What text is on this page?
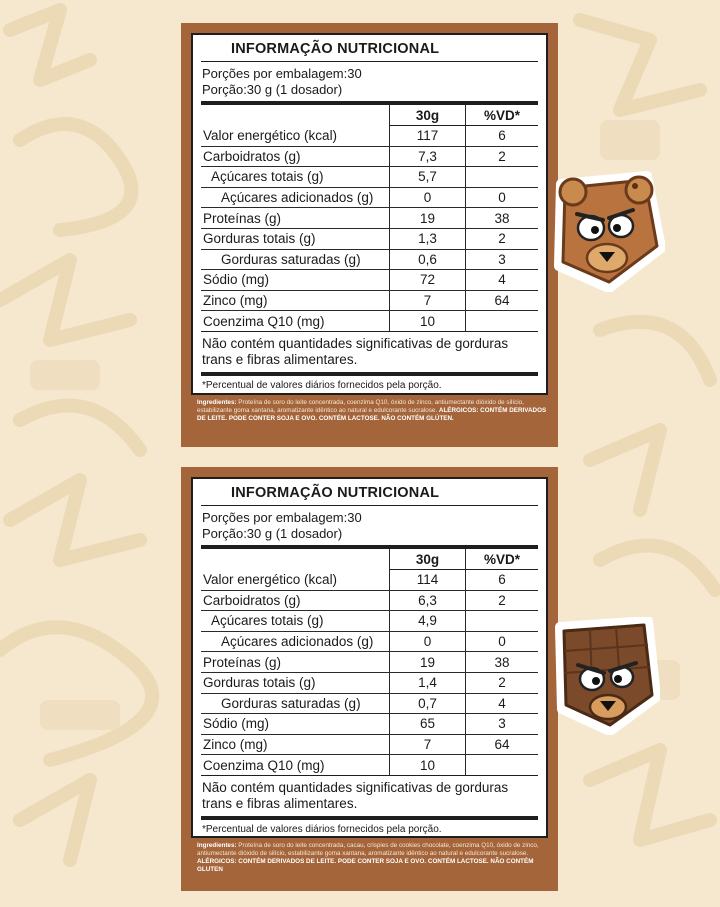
INFORMAÇÃO NUTRICIONAL
Porções por embalagem:30
Porção:30 g (1 dosador)
	30g	%VD*
Valor energético (kcal)	117	6
Carboidratos (g)	7,3	2
Açúcares totais (g)	5,7	
Açúcares adicionados (g)	0	0
Proteínas (g)	19	38
Gorduras totais (g)	1,3	2
Gorduras saturadas (g)	0,6	3
Sódio (mg)	72	4
Zinco (mg)	7	64
Coenzima Q10 (mg)	10	
Não contém quantidades significativas de gorduras trans e fibras alimentares.
*Percentual de valores diários fornecidos pela porção.
Ingredientes: Proteína de soro do leite concentrada, coenzima Q10, óxido de zinco, antiumectante dióxido de silício, estabilizante goma xantana, aromatizante idêntico ao natural e edulcorante sucralose. ALÉRGICOS: CONTÉM DERIVADOS DE LEITE. PODE CONTER SOJA E OVO. CONTÉM LACTOSE. NÃO CONTÉM GLÚTEN.
INFORMAÇÃO NUTRICIONAL
Porções por embalagem:30
Porção:30 g (1 dosador)
	30g	%VD*
Valor energético (kcal)	114	6
Carboidratos (g)	6,3	2
Açúcares totais (g)	4,9	
Açúcares adicionados (g)	0	0
Proteínas (g)	19	38
Gorduras totais (g)	1,4	2
Gorduras saturadas (g)	0,7	4
Sódio (mg)	65	3
Zinco (mg)	7	64
Coenzima Q10 (mg)	10	
Não contém quantidades significativas de gorduras trans e fibras alimentares.
*Percentual de valores diários fornecidos pela porção.
Ingredientes: Proteína de soro do leite concentrada, cacau, crispies de cookies chocolate, coenzima Q10, óxido de zinco, antiumectante dióxido de silício, estabilizante goma xantana, aromatizante idêntico ao natural e edulcorante sucralose. ALÉRGICOS: CONTÉM DERIVADOS DE LEITE. PODE CONTER SOJA E OVO. CONTÉM LACTOSE. NÃO CONTÉM GLUTEN
